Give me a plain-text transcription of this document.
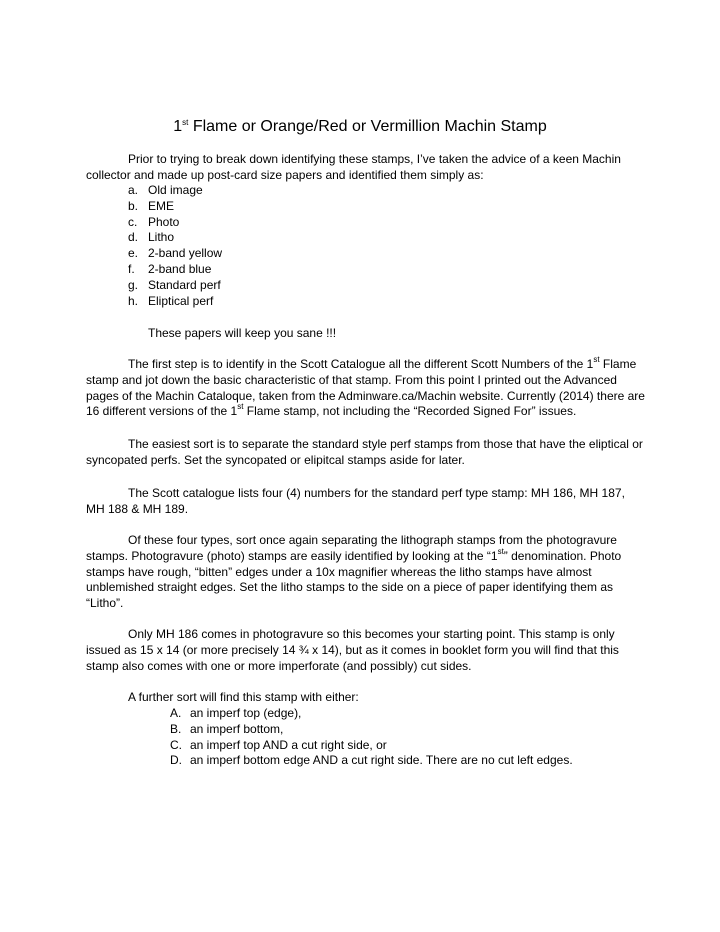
1st Flame or Orange/Red or Vermillion Machin Stamp

Prior to trying to break down identifying these stamps, I’ve taken the advice of a keen Machin collector and made up post-card size papers and identified them simply as:

a. Old image
b. EME
c. Photo
d. Litho
e. 2-band yellow
f. 2-band blue
g. Standard perf
h. Eliptical perf
These papers will keep you sane !!!

The first step is to identify in the Scott Catalogue all the different Scott Numbers of the 1st Flame stamp and jot down the basic characteristic of that stamp. From this point I printed out the Advanced pages of the Machin Cataloque, taken from the Adminware.ca/Machin website. Currently (2014) there are 16 different versions of the 1st Flame stamp, not including the “Recorded Signed For” issues.

The easiest sort is to separate the standard style perf stamps from those that have the eliptical or syncopated perfs. Set the syncopated or elipitcal stamps aside for later.

The Scott catalogue lists four (4) numbers for the standard perf type stamp: MH 186, MH 187, MH 188 & MH 189.

Of these four types, sort once again separating the lithograph stamps from the photogravure stamps. Photogravure (photo) stamps are easily identified by looking at the “1st” denomination. Photo stamps have rough, “bitten” edges under a 10x magnifier whereas the litho stamps have almost unblemished straight edges. Set the litho stamps to the side on a piece of paper identifying them as “Litho”.

Only MH 186 comes in photogravure so this becomes your starting point. This stamp is only issued as 15 x 14 (or more precisely 14 ¾ x 14), but as it comes in booklet form you will find that this stamp also comes with one or more imperforate (and possibly) cut sides.

A further sort will find this stamp with either:

A. an imperf top (edge),
B. an imperf bottom,
C. an imperf top AND a cut right side, or
D. an imperf bottom edge AND a cut right side. There are no cut left edges.
